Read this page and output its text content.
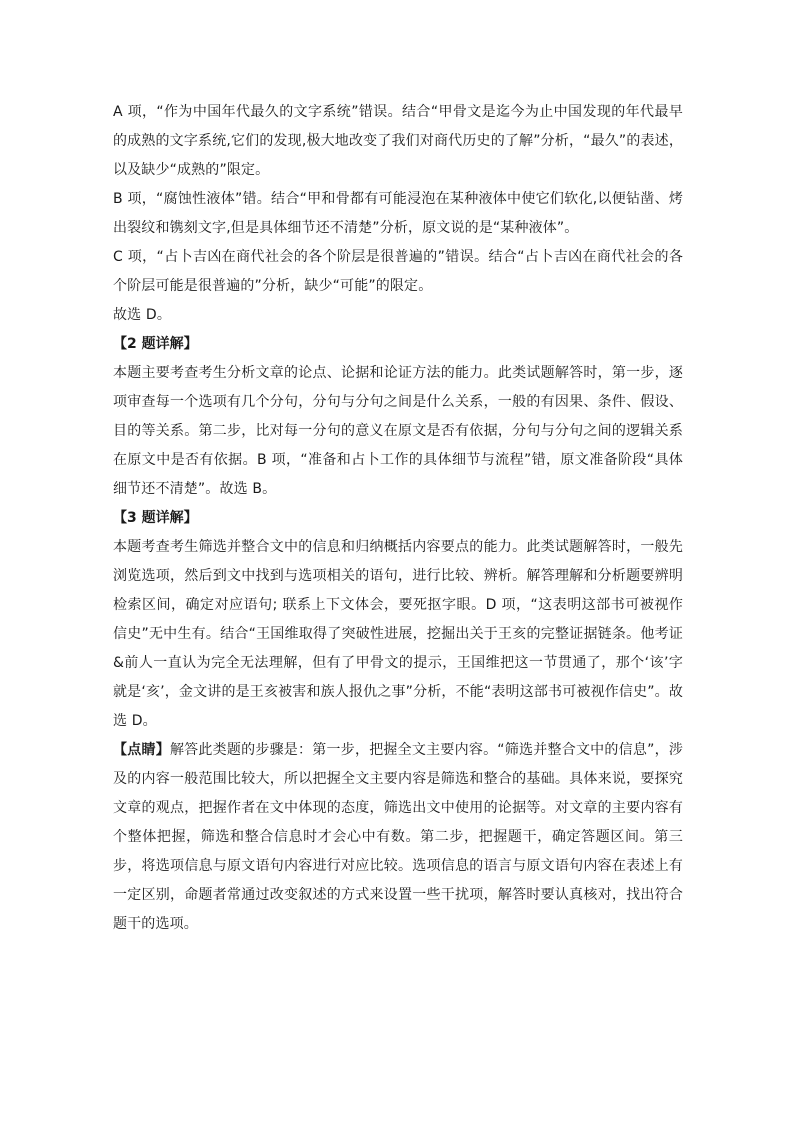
A 项，“作为中国年代最久的文字系统”错误。结合“甲骨文是迄今为止中国发现的年代最早的成熟的文字系统,它们的发现,极大地改变了我们对商代历史的了解”分析，“最久”的表述，以及缺少“成熟的”限定。

B 项，“腐蚀性液体”错。结合“甲和骨都有可能浸泡在某种液体中使它们软化,以便钻凿、烤出裂纹和镌刻文字,但是具体细节还不清楚”分析，原文说的是“某种液体”。

C 项，“占卜吉凶在商代社会的各个阶层是很普遍的”错误。结合“占卜吉凶在商代社会的各个阶层可能是很普遍的”分析，缺少“可能”的限定。

故选 D。

【2 题详解】

本题主要考查考生分析文章的论点、论据和论证方法的能力。此类试题解答时，第一步，逐项审查每一个选项有几个分句，分句与分句之间是什么关系，一般的有因果、条件、假设、目的等关系。第二步，比对每一分句的意义在原文是否有依据，分句与分句之间的逻辑关系在原文中是否有依据。B 项，“准备和占卜工作的具体细节与流程”错，原文准备阶段“具体细节还不清楚”。故选 B。

【3 题详解】

本题考查考生筛选并整合文中的信息和归纳概括内容要点的能力。此类试题解答时，一般先浏览选项，然后到文中找到与选项相关的语句，进行比较、辨析。解答理解和分析题要辨明检索区间，确定对应语句; 联系上下文体会，要死抠字眼。D 项，“这表明这部书可被视作信史”无中生有。结合“王国维取得了突破性进展，挖掘出关于王亥的完整证据链条。他考证&前人一直认为完全无法理解，但有了甲骨文的提示，王国维把这一节贯通了，那个‘该’字就是‘亥’，金文讲的是王亥被害和族人报仇之事”分析，不能“表明这部书可被视作信史”。故选 D。

【点睛】解答此类题的步骤是：第一步，把握全文主要内容。“筛选并整合文中的信息”，涉及的内容一般范围比较大，所以把握全文主要内容是筛选和整合的基础。具体来说，要探究文章的观点，把握作者在文中体现的态度，筛选出文中使用的论据等。对文章的主要内容有个整体把握，筛选和整合信息时才会心中有数。第二步，把握题干，确定答题区间。第三步，将选项信息与原文语句内容进行对应比较。选项信息的语言与原文语句内容在表述上有一定区别，命题者常通过改变叙述的方式来设置一些干扰项，解答时要认真核对，找出符合题干的选项。
